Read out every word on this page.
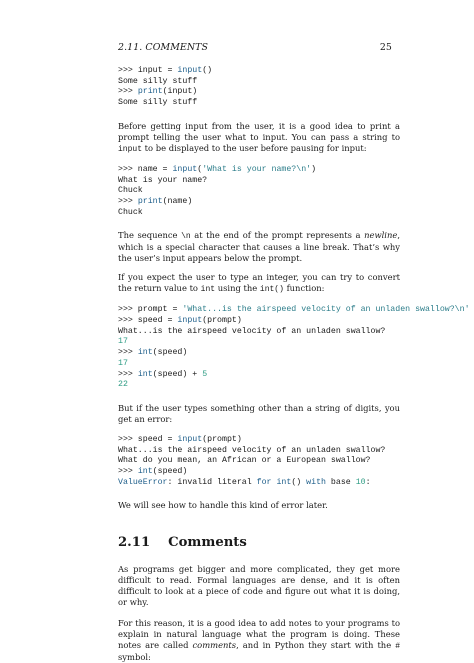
2.11. COMMENTS	25
>>> input = input()
Some silly stuff
>>> print(input)
Some silly stuff

Before getting input from the user, it is a good idea to print a prompt telling the user what to input. You can pass a string to input to be displayed to the user before pausing for input:

>>> name = input('What is your name?\n')
What is your name?
Chuck
>>> print(name)
Chuck

The sequence \n at the end of the prompt represents a newline, which is a special character that causes a line break. That’s why the user’s input appears below the prompt.

If you expect the user to type an integer, you can try to convert the return value to int using the int() function:

>>> prompt = 'What...is the airspeed velocity of an unladen swallow?\n'
>>> speed = input(prompt)
What...is the airspeed velocity of an unladen swallow?
17
>>> int(speed)
17
>>> int(speed) + 5
22

But if the user types something other than a string of digits, you get an error:

>>> speed = input(prompt)
What...is the airspeed velocity of an unladen swallow?
What do you mean, an African or a European swallow?
>>> int(speed)
ValueError: invalid literal for int() with base 10:

We will see how to handle this kind of error later.

2.11 Comments

As programs get bigger and more complicated, they get more difficult to read. Formal languages are dense, and it is often difficult to look at a piece of code and figure out what it is doing, or why.

For this reason, it is a good idea to add notes to your programs to explain in natural language what the program is doing. These notes are called comments, and in Python they start with the # symbol:
